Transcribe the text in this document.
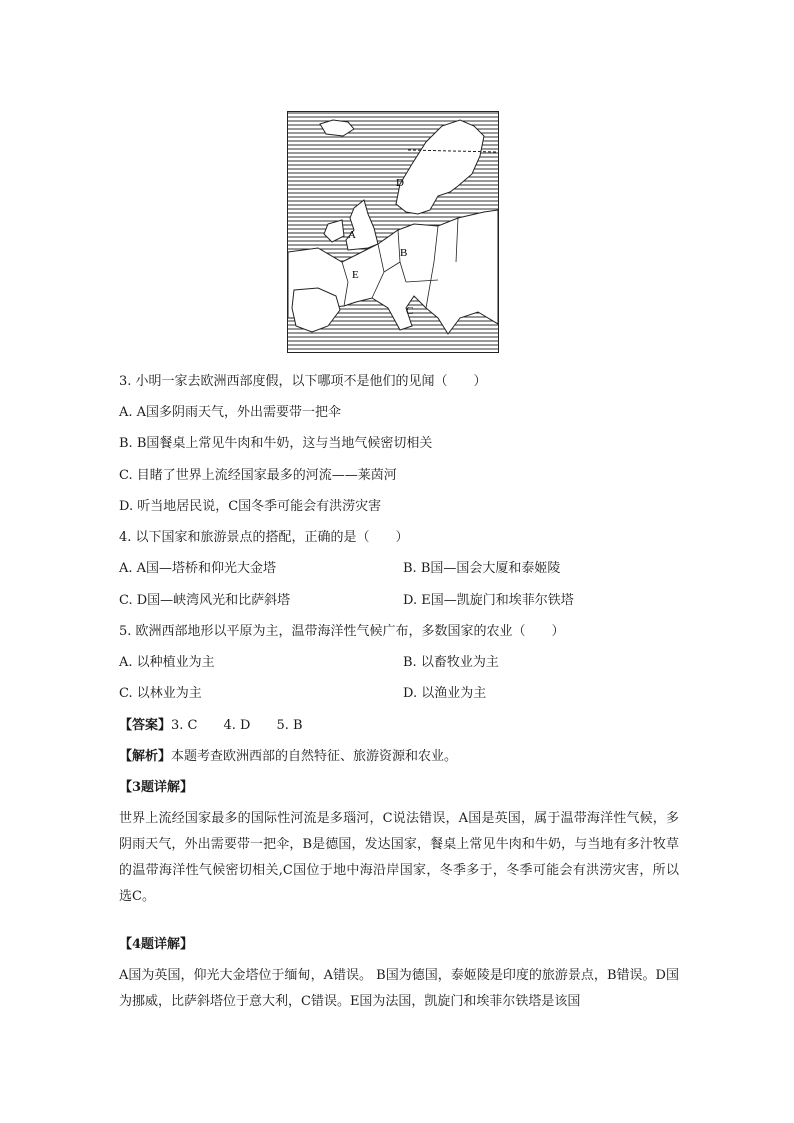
A
B
D
E
C
3. 小明一家去欧洲西部度假，以下哪项不是他们的见闻（　　）
A. A国多阴雨天气，外出需要带一把伞
B. B国餐桌上常见牛肉和牛奶，这与当地气候密切相关
C. 目睹了世界上流经国家最多的河流——莱茵河
D. 听当地居民说，C国冬季可能会有洪涝灾害
4. 以下国家和旅游景点的搭配，正确的是（　　）
A. A国—塔桥和仰光大金塔	B. B国—国会大厦和泰姬陵
C. D国—峡湾风光和比萨斜塔	D. E国—凯旋门和埃菲尔铁塔
5. 欧洲西部地形以平原为主，温带海洋性气候广布，多数国家的农业（　　）
A. 以种植业为主	B. 以畜牧业为主
C. 以林业为主	D. 以渔业为主
【答案】3. C　　4. D　　5. B
【解析】本题考查欧洲西部的自然特征、旅游资源和农业。
【3题详解】
世界上流经国家最多的国际性河流是多瑙河，C说法错误，A国是英国，属于温带海洋性气候，多阴雨天气，外出需要带一把伞，B是德国，发达国家，餐桌上常见牛肉和牛奶，与当地有多汁牧草的温带海洋性气候密切相关,C国位于地中海沿岸国家，冬季多于，冬季可能会有洪涝灾害，所以选C。
【4题详解】
A国为英国，仰光大金塔位于缅甸，A错误。 B国为德国，泰姬陵是印度的旅游景点，B错误。D国为挪威，比萨斜塔位于意大利，C错误。E国为法国，凯旋门和埃菲尔铁塔是该国
